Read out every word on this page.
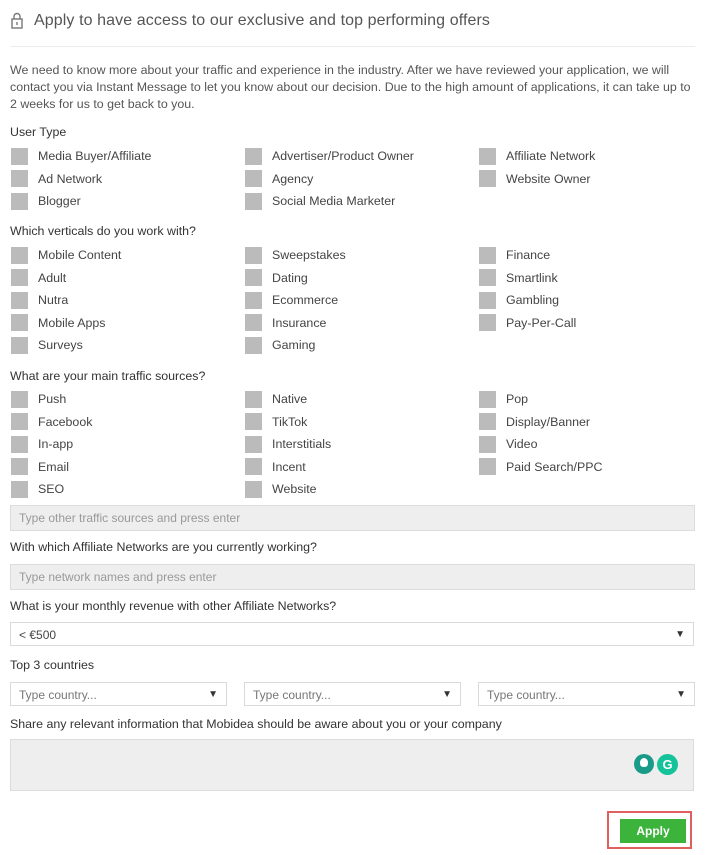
Apply to have access to our exclusive and top performing offers
We need to know more about your traffic and experience in the industry. After we have reviewed your application, we will contact you via Instant Message to let you know about our decision. Due to the high amount of applications, it can take up to 2 weeks for us to get back to you.
User Type
Media Buyer/Affiliate	Advertiser/Product Owner	Affiliate Network
Ad Network	Agency	Website Owner
Blogger	Social Media Marketer
Which verticals do you work with?
Mobile Content	Sweepstakes	Finance
Adult	Dating	Smartlink
Nutra	Ecommerce	Gambling
Mobile Apps	Insurance	Pay-Per-Call
Surveys	Gaming
What are your main traffic sources?
Push	Native	Pop
Facebook	TikTok	Display/Banner
In-app	Interstitials	Video
Email	Incent	Paid Search/PPC
SEO	Website
Type other traffic sources and press enter
With which Affiliate Networks are you currently working?
Type network names and press enter
What is your monthly revenue with other Affiliate Networks?
< €500	▼
Top 3 countries
Type country...	▼	Type country...	▼	Type country...	▼
Share any relevant information that Mobidea should be aware about you or your company
G
Apply
